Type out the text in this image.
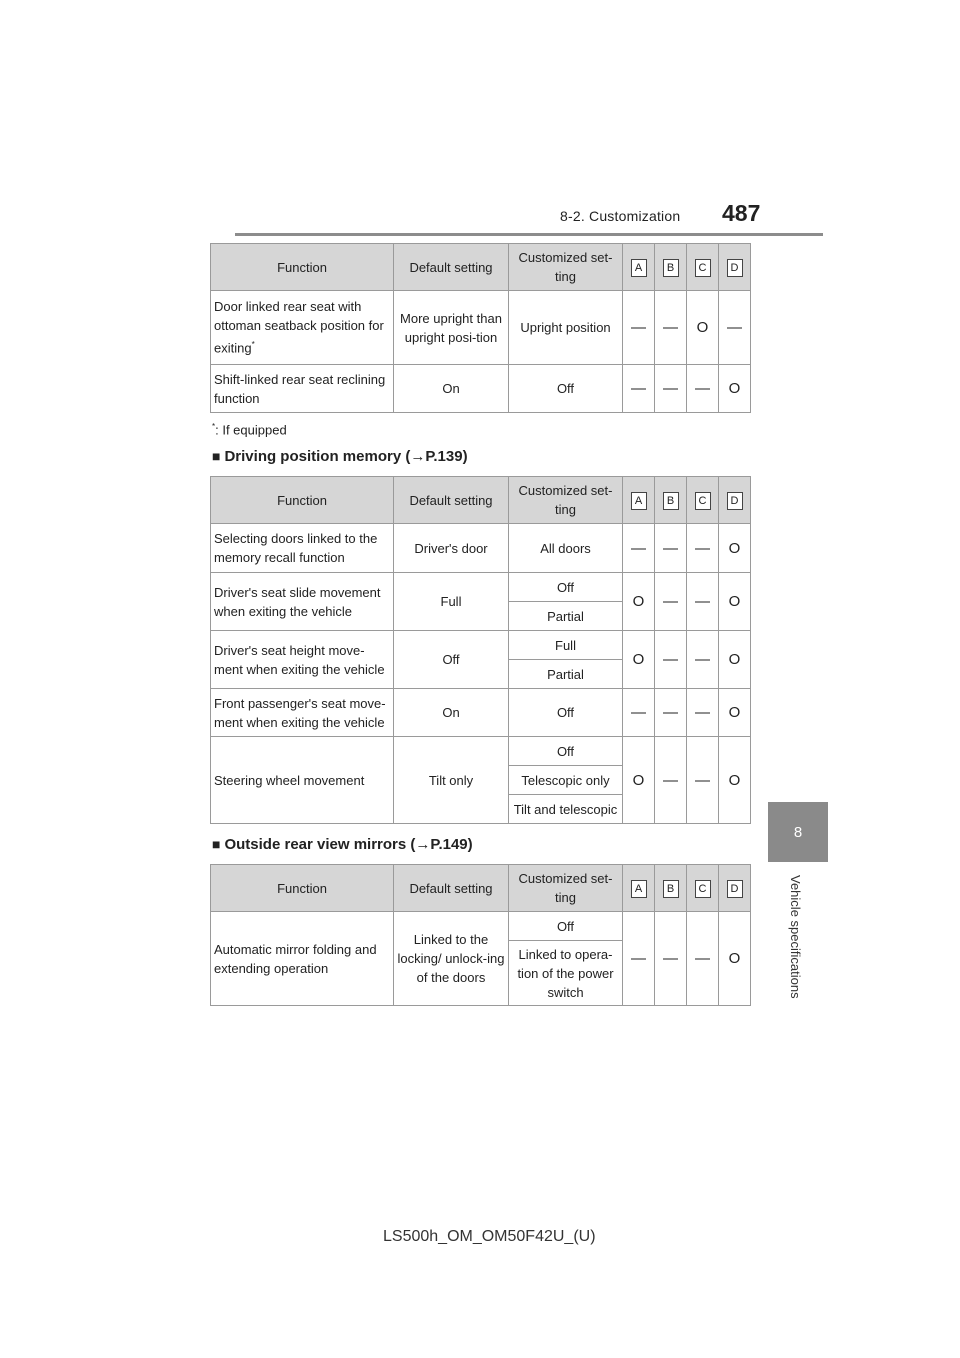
8-2. Customization 487
8
Vehicle specifications
Function	Default setting	Customized set-ting	A	B	C	D
Door linked rear seat with ottoman seatback position for exiting*	More upright than upright posi-tion	Upright position	—	—	O	—
Shift-linked rear seat reclining function	On	Off	—	—	—	O
*: If equipped
■ Driving position memory (→P.139)
Function	Default setting	Customized set-ting	A	B	C	D
Selecting doors linked to the memory recall function	Driver's door	All doors	—	—	—	O
Driver's seat slide movement when exiting the vehicle	Full	Off	O	—	—	O
		Partial				
Driver's seat height move-ment when exiting the vehicle	Off	Full	O	—	—	O
		Partial				
Front passenger's seat move-ment when exiting the vehicle	On	Off	—	—	—	O
Steering wheel movement	Tilt only	Off	O	—	—	O
		Telescopic only				
		Tilt and telescopic				
■ Outside rear view mirrors (→P.149)
Function	Default setting	Customized set-ting	A	B	C	D
Automatic mirror folding and extending operation	Linked to the locking/ unlock-ing of the doors	Off	—	—	—	O
		Linked to opera-tion of the power switch				
LS500h_OM_OM50F42U_(U)
